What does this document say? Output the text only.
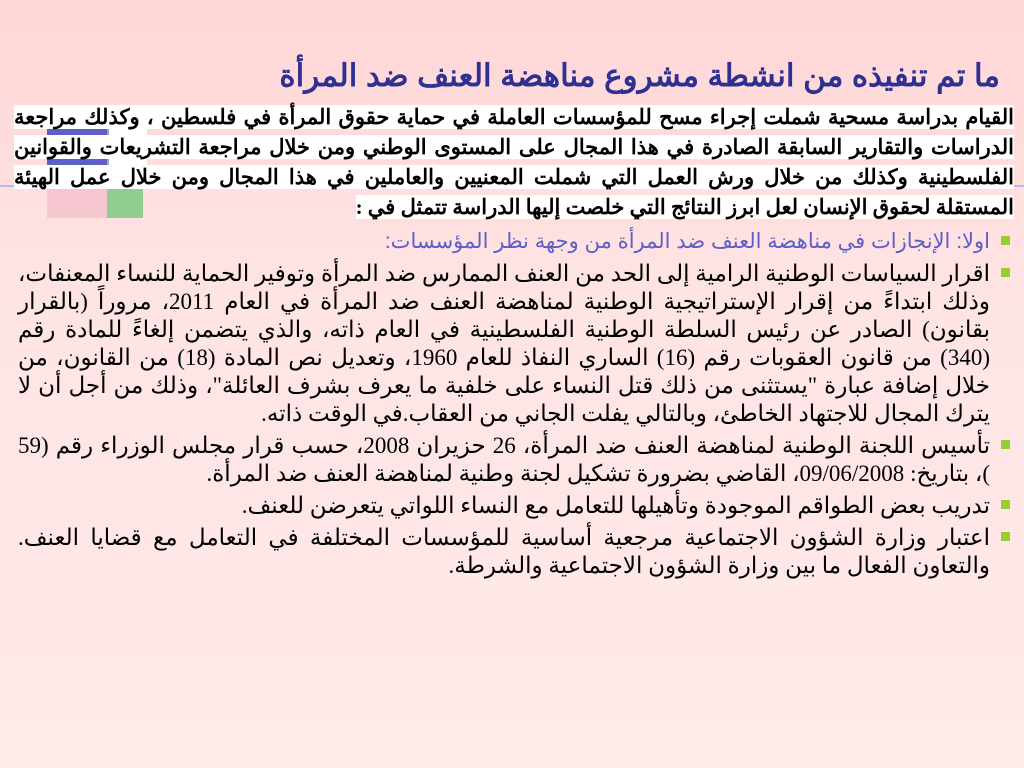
ما تم تنفيذه من انشطة مشروع مناهضة العنف ضد المرأة

القيام بدراسة مسحية شملت إجراء مسح للمؤسسات العاملة في حماية حقوق المرأة في فلسطين ، وكذلك مراجعة الدراسات والتقارير السابقة الصادرة في هذا المجال على المستوى الوطني ومن خلال مراجعة التشريعات والقوانين الفلسطينية وكذلك من خلال ورش العمل التي شملت المعنيين والعاملين في هذا المجال ومن خلال عمل الهيئة المستقلة لحقوق الإنسان لعل ابرز النتائج التي خلصت إليها الدراسة تتمثل في :

اولا: الإنجازات في مناهضة العنف ضد المرأة من وجهة نظر المؤسسات:
اقرار السياسات الوطنية الرامية إلى الحد من العنف الممارس ضد المرأة وتوفير الحماية للنساء المعنفات، وذلك ابتداءً من إقرار الإستراتيجية الوطنية لمناهضة العنف ضد المرأة في العام 2011، مروراً (بالقرار بقانون) الصادر عن رئيس السلطة الوطنية الفلسطينية في العام ذاته، والذي يتضمن إلغاءً للمادة رقم (340) من قانون العقوبات رقم (16) الساري النفاذ للعام 1960، وتعديل نص المادة (18) من القانون، من خلال إضافة عبارة "يستثنى من ذلك قتل النساء على خلفية ما يعرف بشرف العائلة"، وذلك من أجل أن لا يترك المجال للاجتهاد الخاطئ، وبالتالي يفلت الجاني من العقاب.في الوقت ذاته.
تأسيس اللجنة الوطنية لمناهضة العنف ضد المرأة، 26 حزيران 2008، حسب قرار مجلس الوزراء رقم (59 )، بتاريخ: 09/06/2008، القاضي بضرورة تشكيل لجنة وطنية لمناهضة العنف ضد المرأة.
تدريب بعض الطواقم الموجودة وتأهيلها للتعامل مع النساء اللواتي يتعرضن للعنف.
اعتبار وزارة الشؤون الاجتماعية مرجعية أساسية للمؤسسات المختلفة في التعامل مع قضايا العنف. والتعاون الفعال ما بين وزارة الشؤون الاجتماعية والشرطة.
